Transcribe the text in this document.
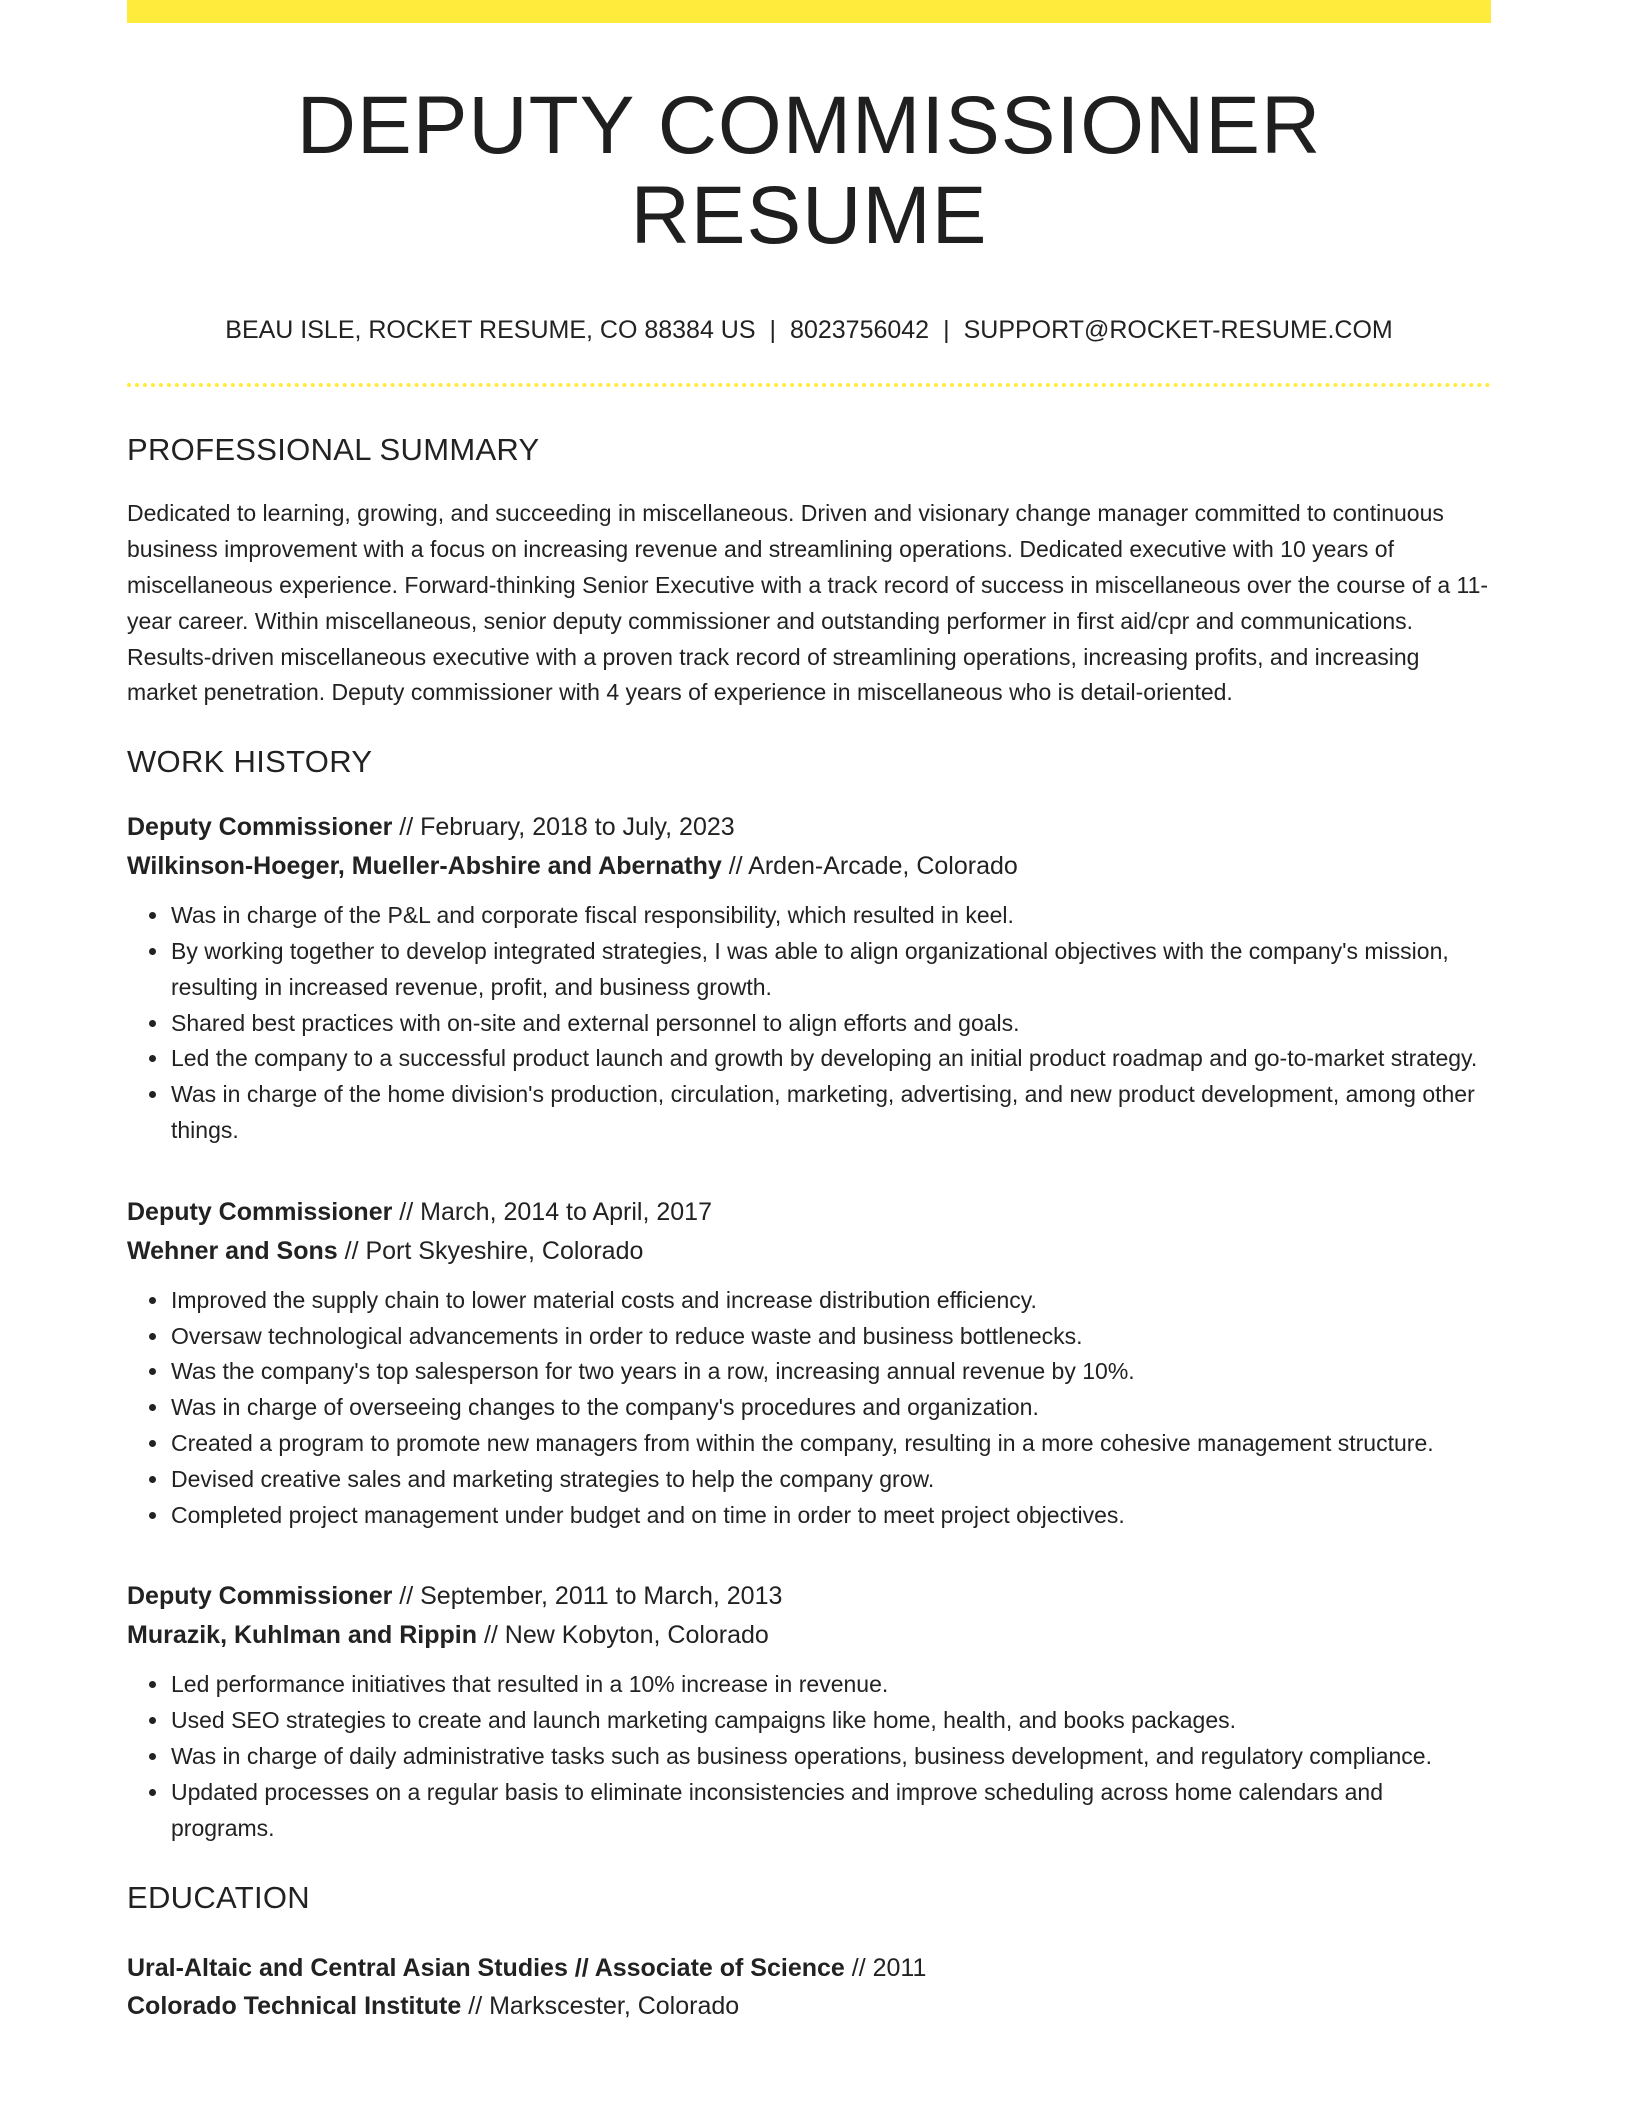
DEPUTY COMMISSIONER RESUME
BEAU ISLE, ROCKET RESUME, CO 88384 US | 8023756042 | SUPPORT@ROCKET-RESUME.COM
PROFESSIONAL SUMMARY

Dedicated to learning, growing, and succeeding in miscellaneous. Driven and visionary change manager committed to continuous business improvement with a focus on increasing revenue and streamlining operations. Dedicated executive with 10 years of miscellaneous experience. Forward-thinking Senior Executive with a track record of success in miscellaneous over the course of a 11-year career. Within miscellaneous, senior deputy commissioner and outstanding performer in first aid/cpr and communications. Results-driven miscellaneous executive with a proven track record of streamlining operations, increasing profits, and increasing market penetration. Deputy commissioner with 4 years of experience in miscellaneous who is detail-oriented.

WORK HISTORY
Deputy Commissioner // February, 2018 to July, 2023
Wilkinson-Hoeger, Mueller-Abshire and Abernathy // Arden-Arcade, Colorado
• Was in charge of the P&L and corporate fiscal responsibility, which resulted in keel.
• By working together to develop integrated strategies, I was able to align organizational objectives with the company's mission, resulting in increased revenue, profit, and business growth.
• Shared best practices with on-site and external personnel to align efforts and goals.
• Led the company to a successful product launch and growth by developing an initial product roadmap and go-to-market strategy.
• Was in charge of the home division's production, circulation, marketing, advertising, and new product development, among other things.
Deputy Commissioner // March, 2014 to April, 2017
Wehner and Sons // Port Skyeshire, Colorado
• Improved the supply chain to lower material costs and increase distribution efficiency.
• Oversaw technological advancements in order to reduce waste and business bottlenecks.
• Was the company's top salesperson for two years in a row, increasing annual revenue by 10%.
• Was in charge of overseeing changes to the company's procedures and organization.
• Created a program to promote new managers from within the company, resulting in a more cohesive management structure.
• Devised creative sales and marketing strategies to help the company grow.
• Completed project management under budget and on time in order to meet project objectives.
Deputy Commissioner // September, 2011 to March, 2013
Murazik, Kuhlman and Rippin // New Kobyton, Colorado
• Led performance initiatives that resulted in a 10% increase in revenue.
• Used SEO strategies to create and launch marketing campaigns like home, health, and books packages.
• Was in charge of daily administrative tasks such as business operations, business development, and regulatory compliance.
• Updated processes on a regular basis to eliminate inconsistencies and improve scheduling across home calendars and programs.
EDUCATION
Ural-Altaic and Central Asian Studies // Associate of Science // 2011
Colorado Technical Institute // Markscester, Colorado
